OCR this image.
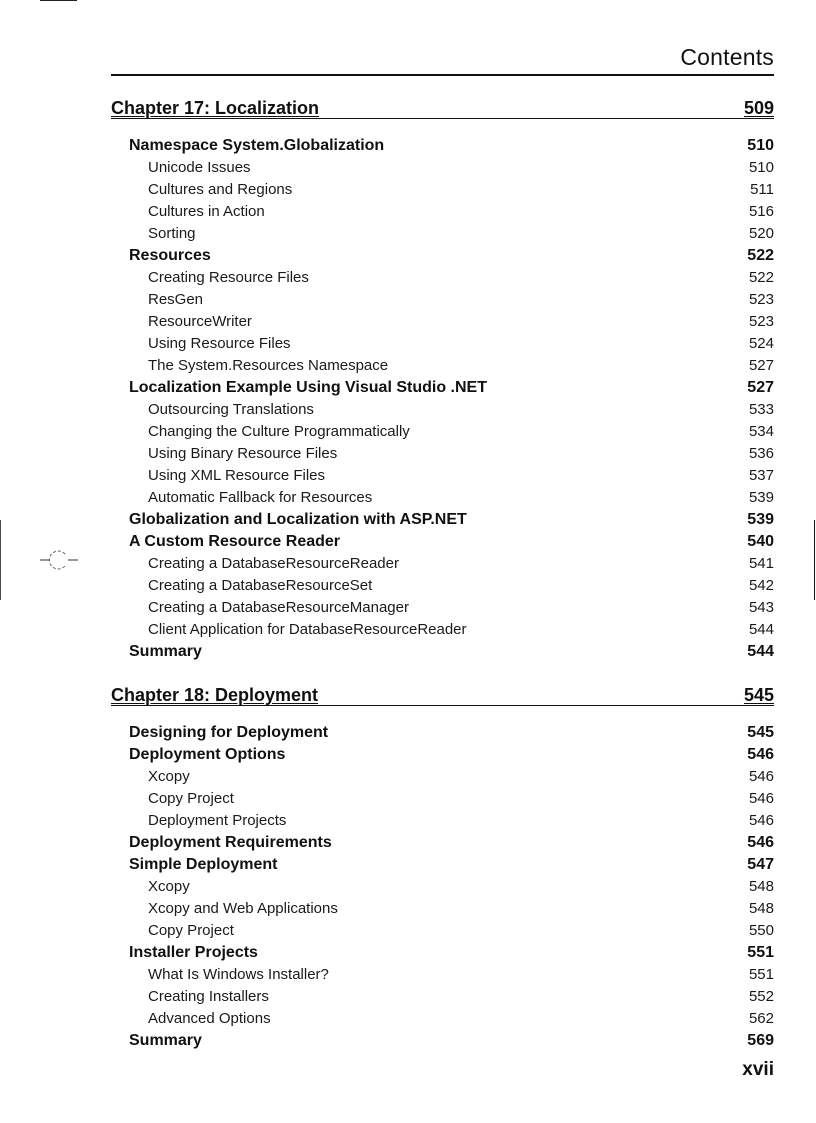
Contents
Chapter 17: Localization	509
Namespace System.Globalization	510
Unicode Issues	510
Cultures and Regions	511
Cultures in Action	516
Sorting	520
Resources	522
Creating Resource Files	522
ResGen	523
ResourceWriter	523
Using Resource Files	524
The System.Resources Namespace	527
Localization Example Using Visual Studio .NET	527
Outsourcing Translations	533
Changing the Culture Programmatically	534
Using Binary Resource Files	536
Using XML Resource Files	537
Automatic Fallback for Resources	539
Globalization and Localization with ASP.NET	539
A Custom Resource Reader	540
Creating a DatabaseResourceReader	541
Creating a DatabaseResourceSet	542
Creating a DatabaseResourceManager	543
Client Application for DatabaseResourceReader	544
Summary	544
Chapter 18: Deployment	545
Designing for Deployment	545
Deployment Options	546
Xcopy	546
Copy Project	546
Deployment Projects	546
Deployment Requirements	546
Simple Deployment	547
Xcopy	548
Xcopy and Web Applications	548
Copy Project	550
Installer Projects	551
What Is Windows Installer?	551
Creating Installers	552
Advanced Options	562
Summary	569
xvii
